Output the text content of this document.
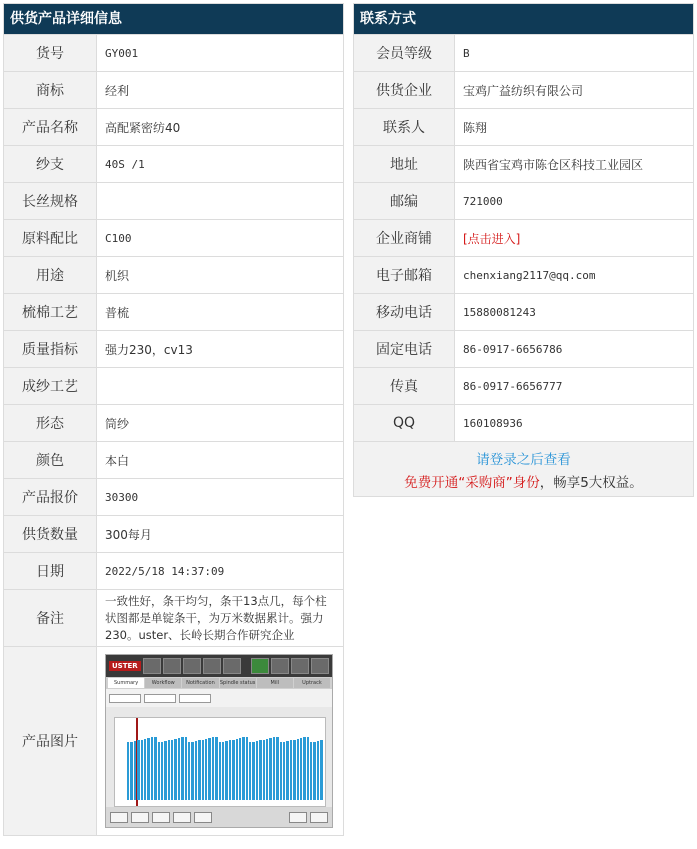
供货产品详细信息
货号	GY001
商标	经利
产品名称	高配紧密纺40
纱支	40S /1
长丝规格
原料配比	C100
用途	机织
梳棉工艺	普梳
质量指标	强力230，cv13
成纱工艺
形态	筒纱
颜色	本白
产品报价	30300
供货数量	300每月
日期	2022/5/18 14:37:09
备注
一致性好，条干均匀，条干13点几，每个柱状图都是单锭条干，为万米数据累计。强力230。uster、长岭长期合作研究企业
产品图片
USTER
Summary	Workflow	Notification	Spindle status	Mill	Uptrack
联系方式
会员等级	B
供货企业	宝鸡广益纺织有限公司
联系人	陈翔
地址	陕西省宝鸡市陈仓区科技工业园区
邮编	721000
企业商铺	[点击进入]
电子邮箱	chenxiang2117@qq.com
移动电话	15880081243
固定电话	86-0917-6656786
传真	86-0917-6656777
QQ	160108936
请登录之后查看
免费开通“采购商”身份，畅享5大权益。
